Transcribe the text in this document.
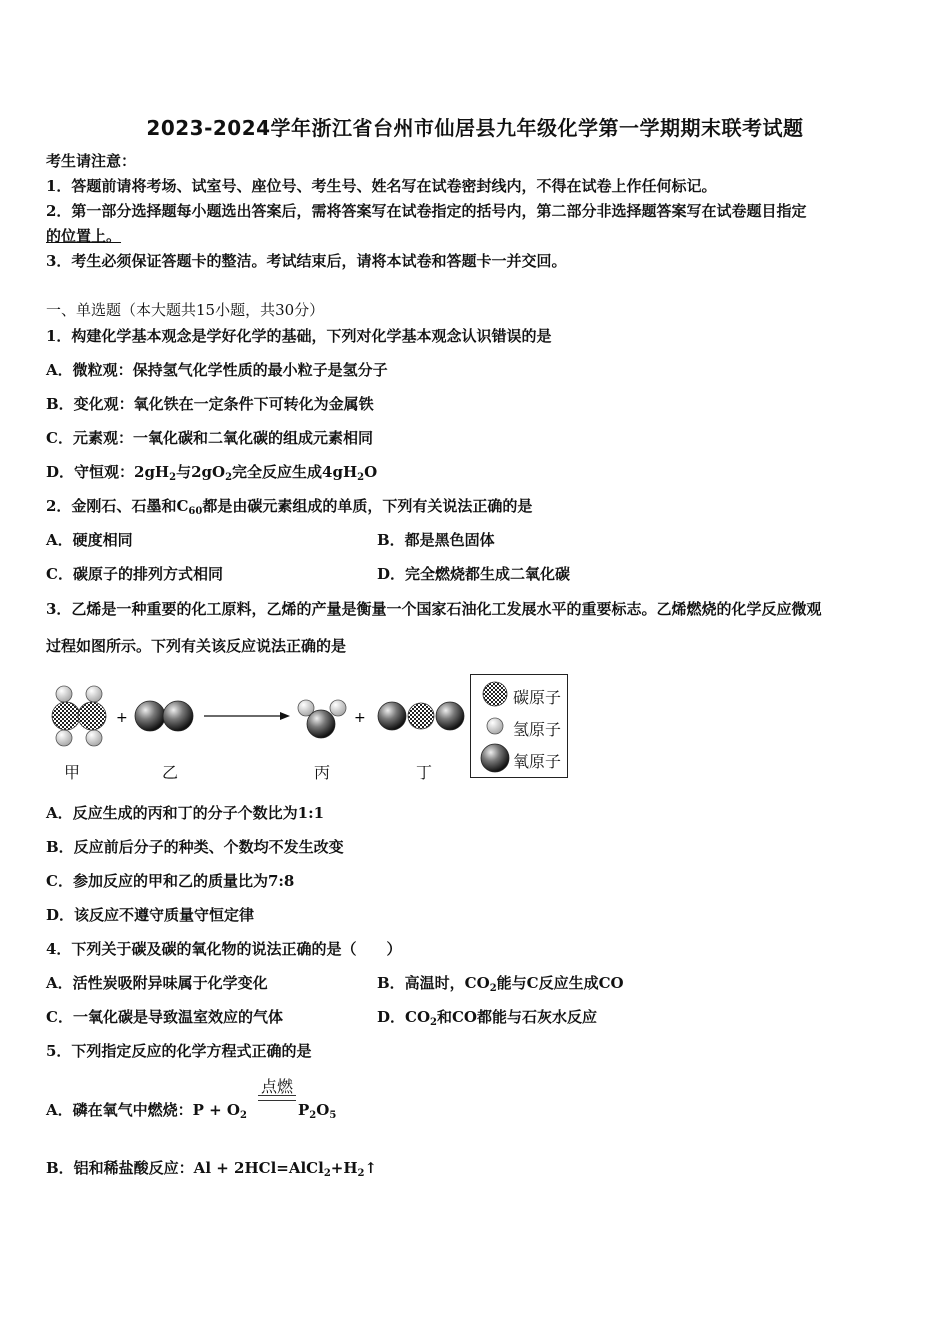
2023-2024学年浙江省台州市仙居县九年级化学第一学期期末联考试题
考生请注意：
1．答题前请将考场、试室号、座位号、考生号、姓名写在试卷密封线内，不得在试卷上作任何标记。
2．第一部分选择题每小题选出答案后，需将答案写在试卷指定的括号内，第二部分非选择题答案写在试卷题目指定
的位置上。
3．考生必须保证答题卡的整洁。考试结束后，请将本试卷和答题卡一并交回。
一、单选题（本大题共15小题，共30分）
1．构建化学基本观念是学好化学的基础，下列对化学基本观念认识错误的是
A．微粒观：保持氢气化学性质的最小粒子是氢分子
B．变化观：氧化铁在一定条件下可转化为金属铁
C．元素观：一氧化碳和二氧化碳的组成元素相同
D．守恒观：$2gH_2$与$2gO_2$完全反应生成$4gH_2O$
2．金刚石、石墨和$C_{60}$都是由碳元素组成的单质，下列有关说法正确的是
A．硬度相同	B．都是黑色固体
C．碳原子的排列方式相同	D．完全燃烧都生成二氧化碳
3．乙烯是一种重要的化工原料，乙烯的产量是衡量一个国家石油化工发展水平的重要标志。乙烯燃烧的化学反应微观
过程如图所示。下列有关该反应说法正确的是
+	+
甲	乙	丙	丁
碳原子
氢原子
氧原子
A．反应生成的丙和丁的分子个数比为1:1
B．反应前后分子的种类、个数均不发生改变
C．参加反应的甲和乙的质量比为7:8
D．该反应不遵守质量守恒定律
4．下列关于碳及碳的氧化物的说法正确的是（　　）
A．活性炭吸附异味属于化学变化	B．高温时，$CO_2$能与C反应生成CO
C．一氧化碳是导致温室效应的气体	D．$CO_2$和CO都能与石灰水反应
5．下列指定反应的化学方程式正确的是
A．磷在氧气中燃烧：$P + O_2$
点燃
$P_2O_5$
B．铝和稀盐酸反应：$Al + 2HCl=AlCl_2+H_2↑$
